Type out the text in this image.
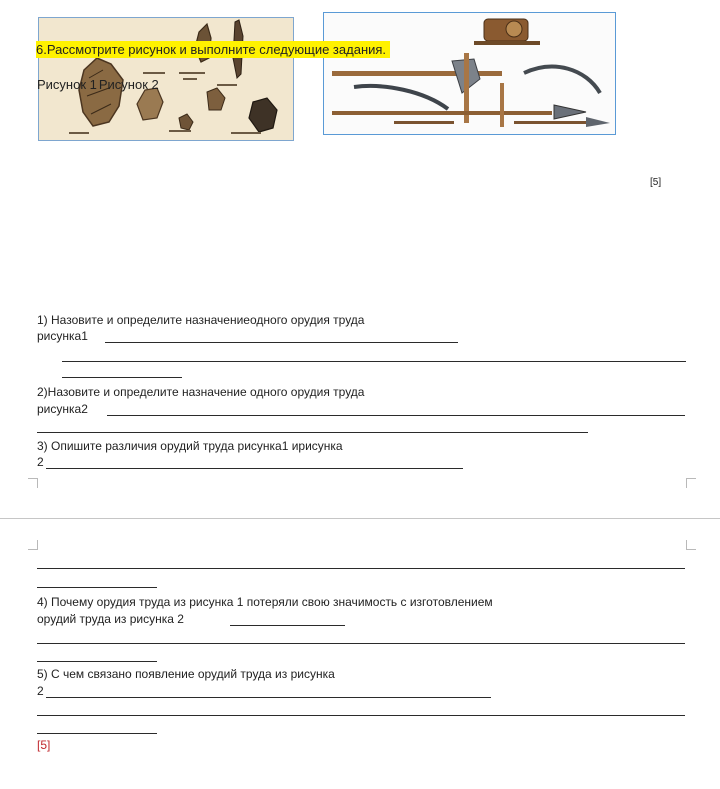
6.Рассмотрите рисунок и выполните следующие задания.
Рисунок 1 Рисунок 2
[5]
1) Назовите и определите назначениеодного орудия труда
рисунка1
2)Назовите и определите назначение одного орудия труда
рисунка2
3) Опишите различия орудий труда рисунка1 ирисунка
2
4) Почему орудия труда из рисунка 1 потеряли свою значимость с изготовлением
орудий труда из рисунка 2
5) С чем связано появление орудий труда из рисунка
2
[5]
